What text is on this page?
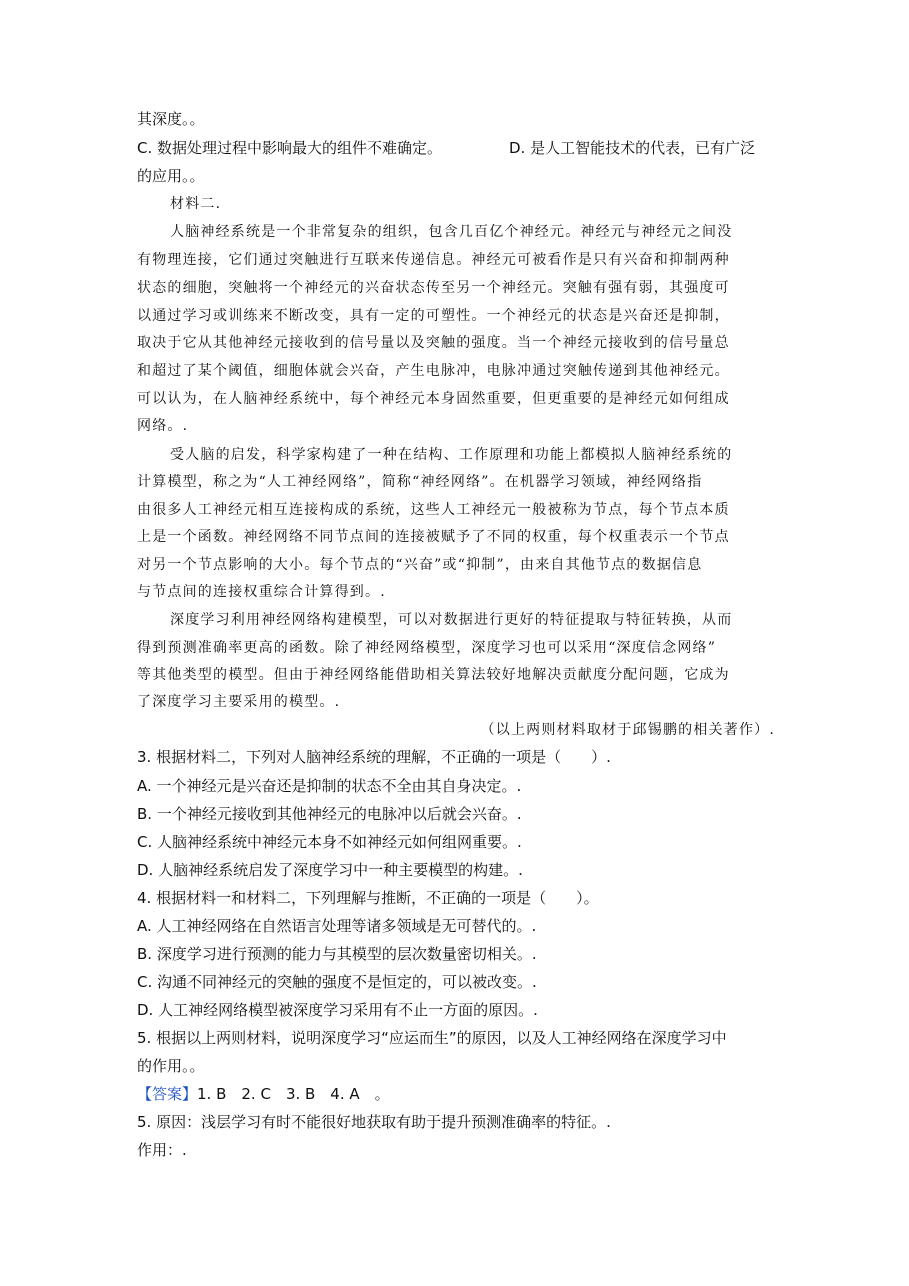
其深度。。
C. 数据处理过程中影响最大的组件不难确定。	D. 是人工智能技术的代表，已有广泛
的应用。。
材料二.
人脑神经系统是一个非常复杂的组织，包含几百亿个神经元。神经元与神经元之间没
有物理连接，它们通过突触进行互联来传递信息。神经元可被看作是只有兴奋和抑制两种
状态的细胞，突触将一个神经元的兴奋状态传至另一个神经元。突触有强有弱，其强度可
以通过学习或训练来不断改变，具有一定的可塑性。一个神经元的状态是兴奋还是抑制，
取决于它从其他神经元接收到的信号量以及突触的强度。当一个神经元接收到的信号量总
和超过了某个阈值，细胞体就会兴奋，产生电脉冲，电脉冲通过突触传递到其他神经元。
可以认为，在人脑神经系统中，每个神经元本身固然重要，但更重要的是神经元如何组成
网络。.
受人脑的启发，科学家构建了一种在结构、工作原理和功能上都模拟人脑神经系统的
计算模型，称之为“人工神经网络”，简称“神经网络”。在机器学习领域，神经网络指
由很多人工神经元相互连接构成的系统，这些人工神经元一般被称为节点，每个节点本质
上是一个函数。神经网络不同节点间的连接被赋予了不同的权重，每个权重表示一个节点
对另一个节点影响的大小。每个节点的“兴奋”或“抑制”，由来自其他节点的数据信息
与节点间的连接权重综合计算得到。.
深度学习利用神经网络构建模型，可以对数据进行更好的特征提取与特征转换，从而
得到预测准确率更高的函数。除了神经网络模型，深度学习也可以采用“深度信念网络”
等其他类型的模型。但由于神经网络能借助相关算法较好地解决贡献度分配问题，它成为
了深度学习主要采用的模型。.
（以上两则材料取材于邱锡鹏的相关著作）.
3. 根据材料二，下列对人脑神经系统的理解，不正确的一项是（　　）.
A. 一个神经元是兴奋还是抑制的状态不全由其自身决定。.
B. 一个神经元接收到其他神经元的电脉冲以后就会兴奋。.
C. 人脑神经系统中神经元本身不如神经元如何组网重要。.
D. 人脑神经系统启发了深度学习中一种主要模型的构建。.
4. 根据材料一和材料二，下列理解与推断，不正确的一项是（　　）。
A. 人工神经网络在自然语言处理等诸多领域是无可替代的。.
B. 深度学习进行预测的能力与其模型的层次数量密切相关。.
C. 沟通不同神经元的突触的强度不是恒定的，可以被改变。.
D. 人工神经网络模型被深度学习采用有不止一方面的原因。.
5. 根据以上两则材料，说明深度学习“应运而生”的原因，以及人工神经网络在深度学习中
的作用。。
【答案】1. B　2. C　3. B　4. A　。
5. 原因：浅层学习有时不能很好地获取有助于提升预测准确率的特征。.
作用：.
